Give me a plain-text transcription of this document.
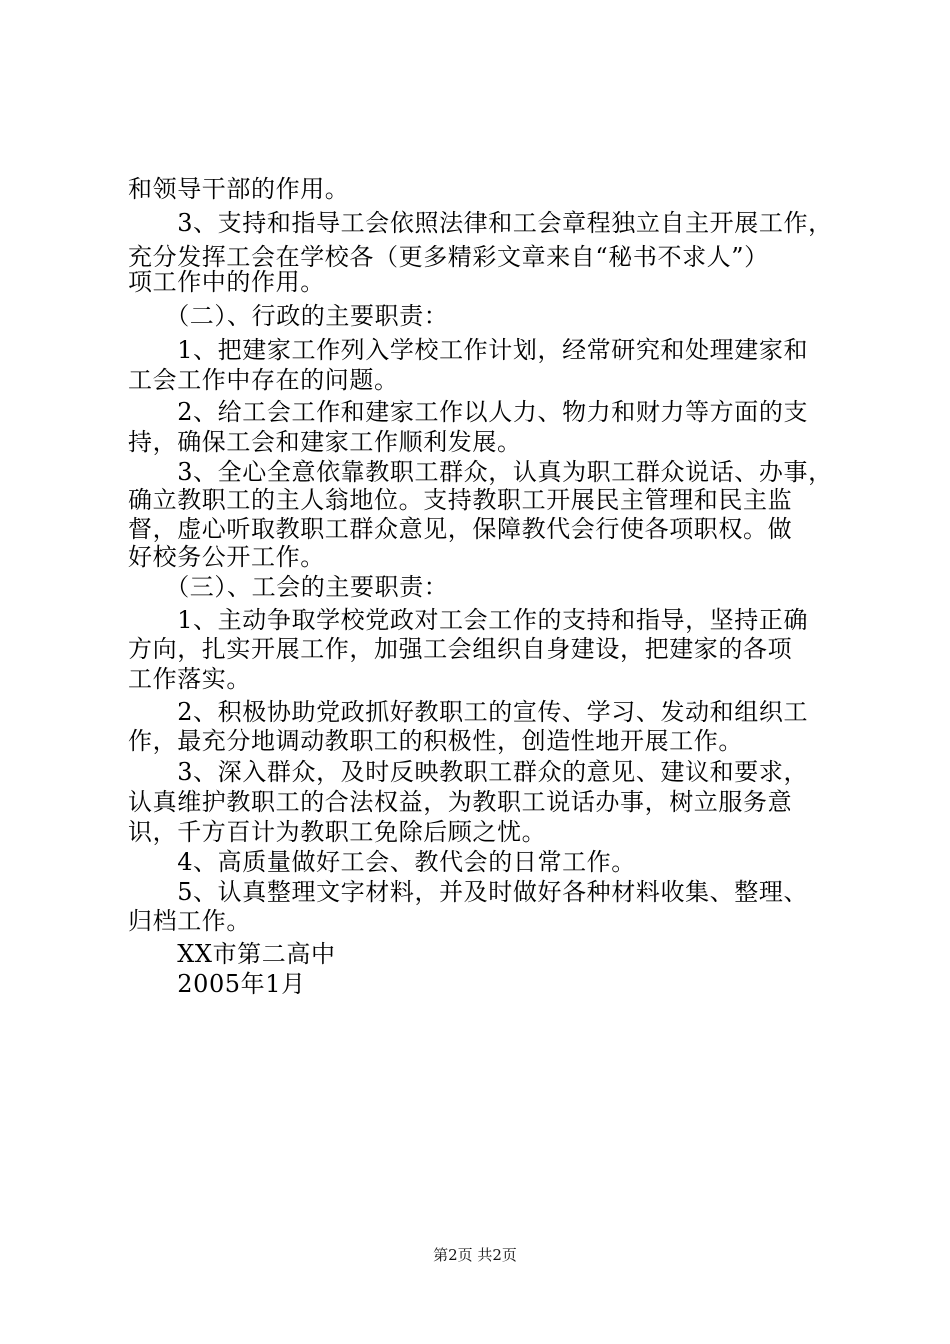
和领导干部的作用。
　　3、支持和指导工会依照法律和工会章程独立自主开展工作，
充分发挥工会在学校各（更多精彩文章来自“秘书不求人”）
项工作中的作用。
　　（二）、行政的主要职责：
　　1、把建家工作列入学校工作计划，经常研究和处理建家和
工会工作中存在的问题。
　　2、给工会工作和建家工作以人力、物力和财力等方面的支
持，确保工会和建家工作顺利发展。
　　3、全心全意依靠教职工群众，认真为职工群众说话、办事，
确立教职工的主人翁地位。支持教职工开展民主管理和民主监
督，虚心听取教职工群众意见，保障教代会行使各项职权。做
好校务公开工作。
　　（三）、工会的主要职责：
　　1、主动争取学校党政对工会工作的支持和指导，坚持正确
方向，扎实开展工作，加强工会组织自身建设，把建家的各项
工作落实。
　　2、积极协助党政抓好教职工的宣传、学习、发动和组织工
作，最充分地调动教职工的积极性，创造性地开展工作。
　　3、深入群众，及时反映教职工群众的意见、建议和要求，
认真维护教职工的合法权益，为教职工说话办事，树立服务意
识，千方百计为教职工免除后顾之忧。
　　4、高质量做好工会、教代会的日常工作。
　　5、认真整理文字材料，并及时做好各种材料收集、整理、
归档工作。
　　XX市第二高中
　　2005年1月
第2页 共2页
